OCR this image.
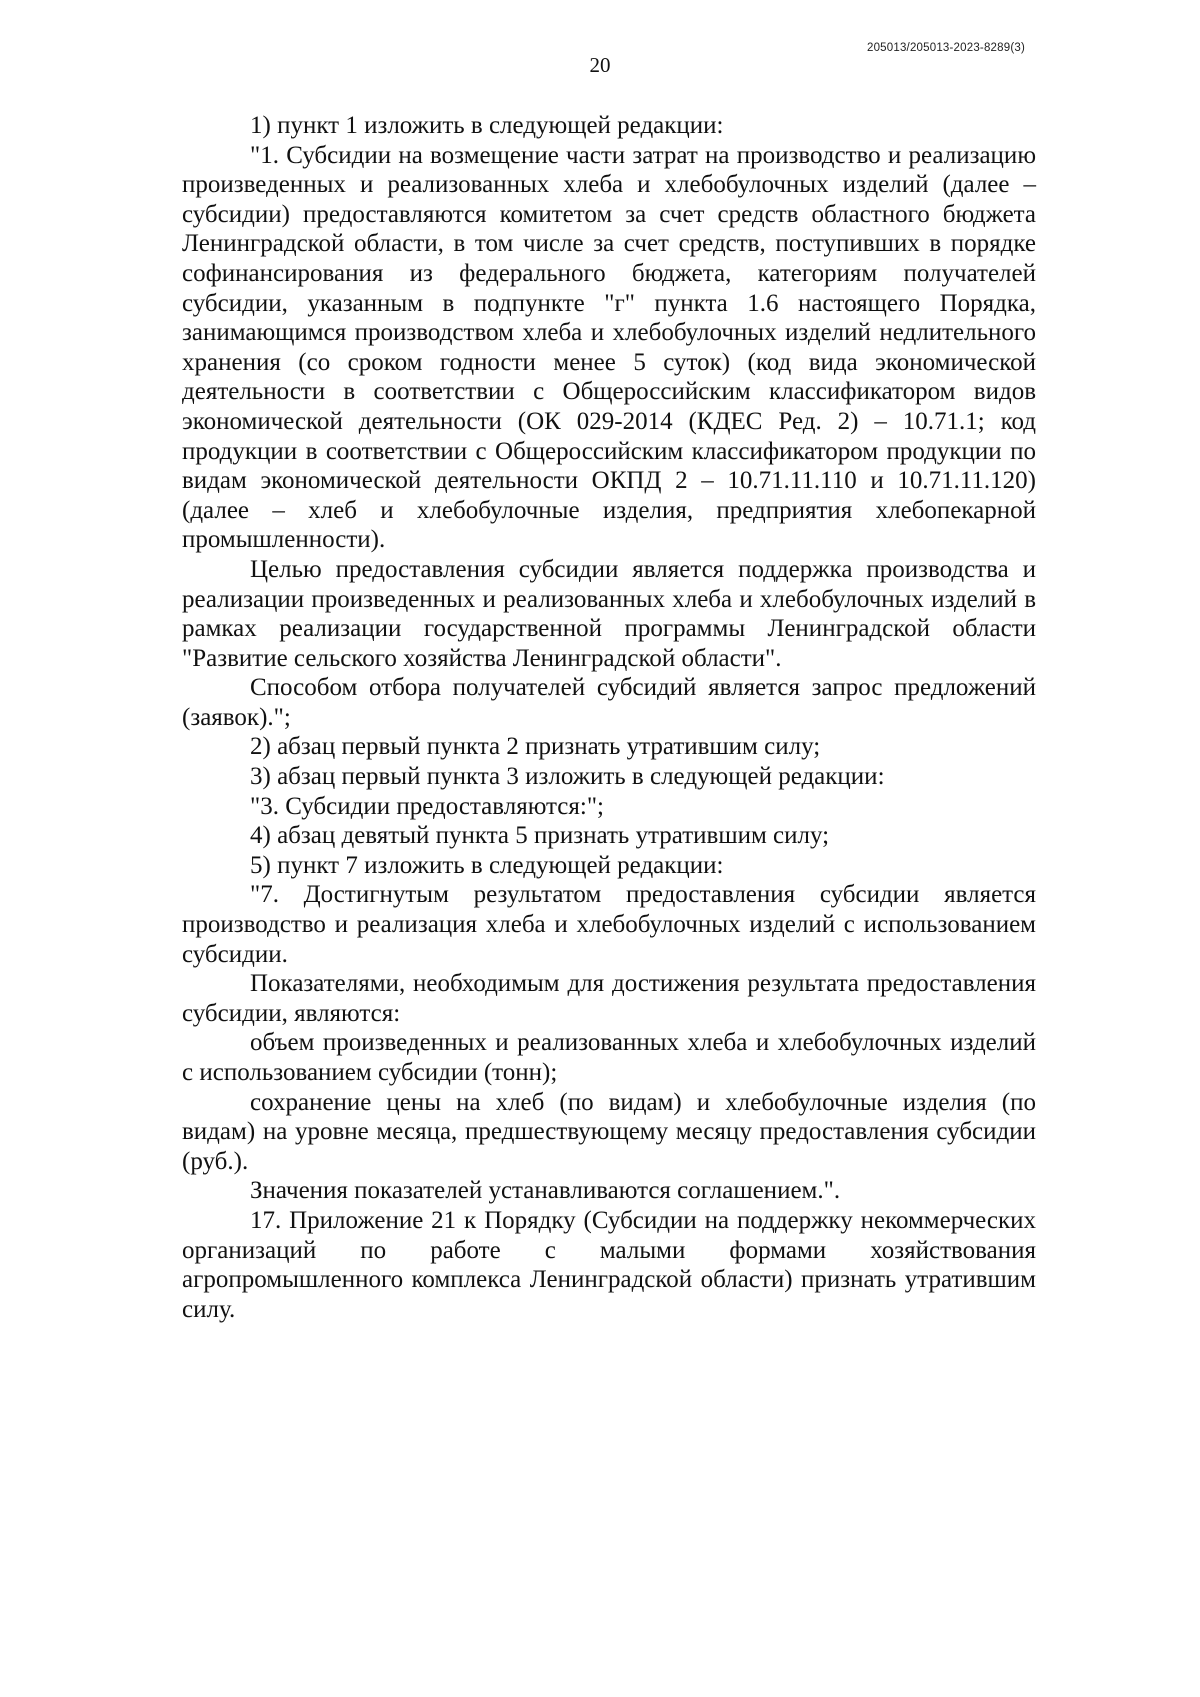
205013/205013-2023-8289(3)
20

1) пункт 1 изложить в следующей редакции:

"1. Субсидии на возмещение части затрат на производство и реализацию произведенных и реализованных хлеба и хлебобулочных изделий (далее – субсидии) предоставляются комитетом за счет средств областного бюджета Ленинградской области, в том числе за счет средств, поступивших в порядке софинансирования из федерального бюджета, категориям получателей субсидии, указанным в подпункте "г" пункта 1.6 настоящего Порядка, занимающимся производством хлеба и хлебобулочных изделий недлительного хранения (со сроком годности менее 5 суток) (код вида экономической деятельности в соответствии с Общероссийским классификатором видов экономической деятельности (ОК 029-2014 (КДЕС Ред. 2) – 10.71.1; код продукции в соответствии с Общероссийским классификатором продукции по видам экономической деятельности ОКПД 2 – 10.71.11.110 и 10.71.11.120) (далее – хлеб и хлебобулочные изделия, предприятия хлебопекарной промышленности).

Целью предоставления субсидии является поддержка производства и реализации произведенных и реализованных хлеба и хлебобулочных изделий в рамках реализации государственной программы Ленинградской области "Развитие сельского хозяйства Ленинградской области".

Способом отбора получателей субсидий является запрос предложений (заявок).";

2) абзац первый пункта 2 признать утратившим силу;

3) абзац первый пункта 3 изложить в следующей редакции:

"3. Субсидии предоставляются:";

4) абзац девятый пункта 5 признать утратившим силу;

5) пункт 7 изложить в следующей редакции:

"7. Достигнутым результатом предоставления субсидии является производство и реализация хлеба и хлебобулочных изделий с использованием субсидии.

Показателями, необходимым для достижения результата предоставления субсидии, являются:

объем произведенных и реализованных хлеба и хлебобулочных изделий с использованием субсидии (тонн);

сохранение цены на хлеб (по видам) и хлебобулочные изделия (по видам) на уровне месяца, предшествующему месяцу предоставления субсидии (руб.).

Значения показателей устанавливаются соглашением.".

17. Приложение 21 к Порядку (Субсидии на поддержку некоммерческих организаций по работе с малыми формами хозяйствования агропромышленного комплекса Ленинградской области) признать утратившим силу.
